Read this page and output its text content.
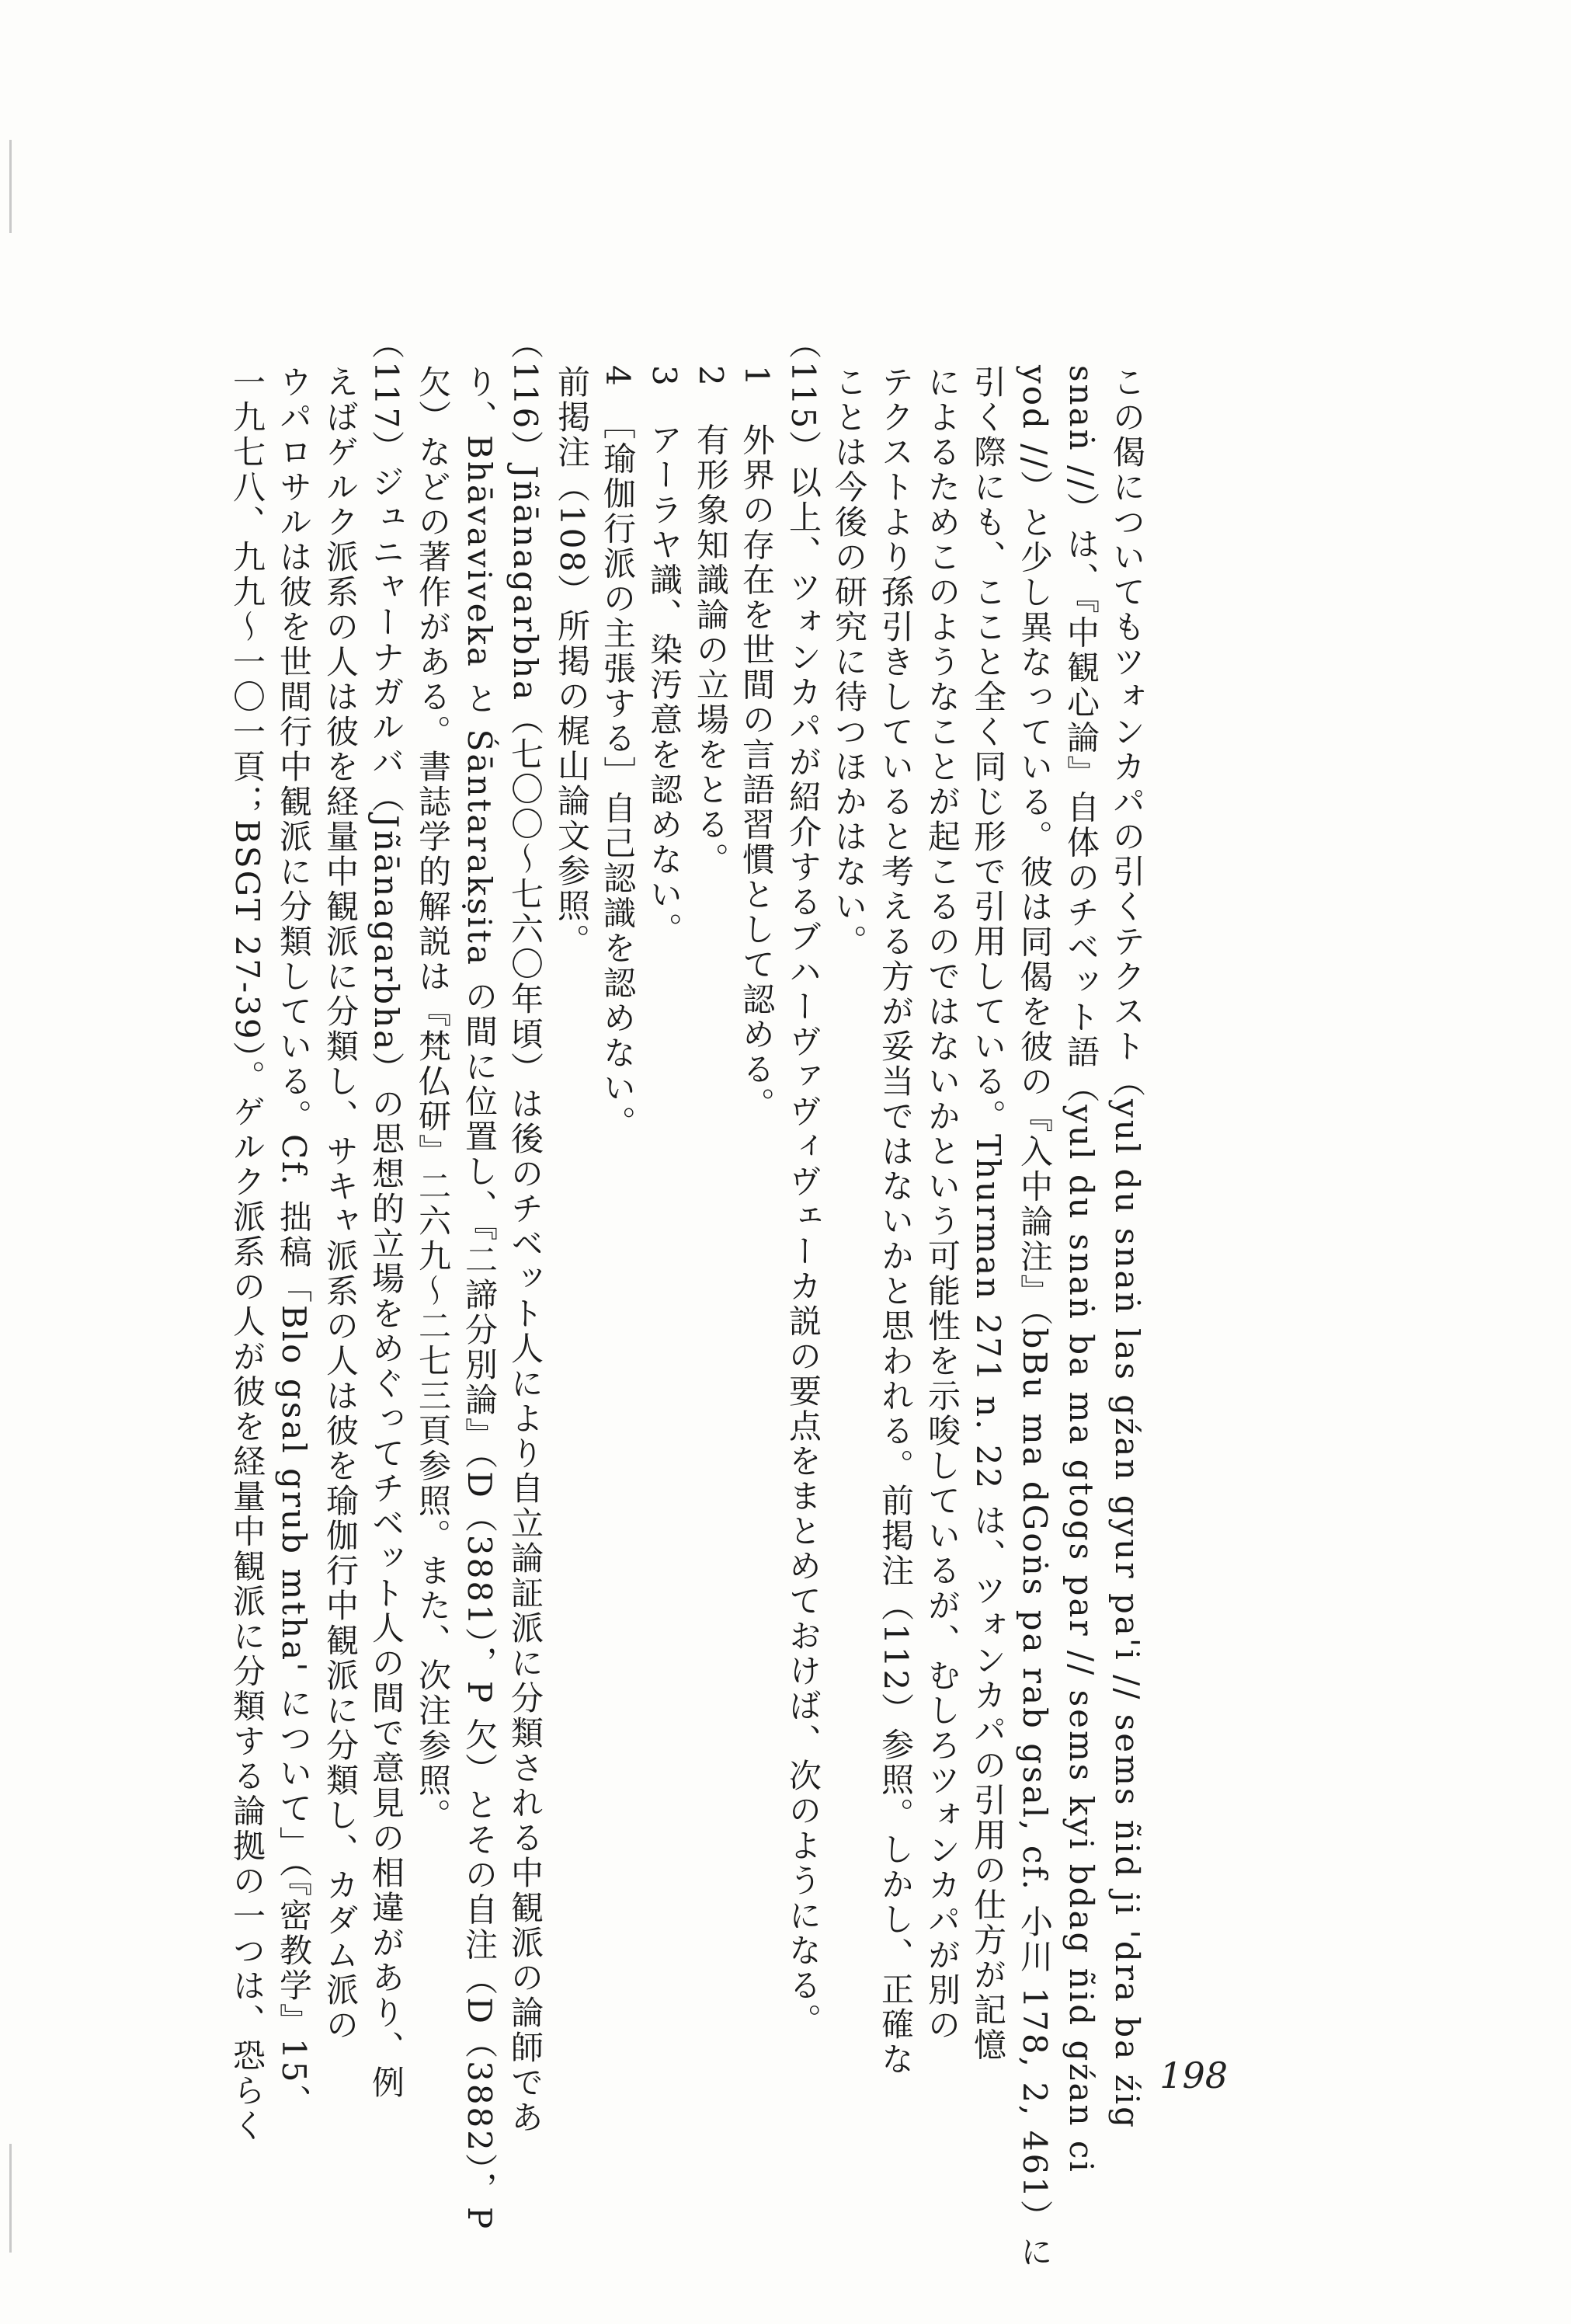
この偈についてもツォンカパの引くテクスト（yul du snaṅ las gźan gyur pa'i // sems ñid ji 'dra ba źig
snaṅ //）は、『中観心論』自体のチベット語（yul du snaṅ ba ma gtogs par // sems kyi bdag ñid gźan ci
yod //）と少し異なっている。彼は同偈を彼の『入中論注』（bBu ma dGoṅs pa rab gsal, cf. 小川 178, 2, 461）に
引く際にも、ここと全く同じ形で引用している。Thurman 271 n. 22 は、ツォンカパの引用の仕方が記憶
によるためこのようなことが起こるのではないかという可能性を示唆しているが、むしろツォンカパが別の
テクストより孫引きしていると考える方が妥当ではないかと思われる。前掲注（112）参照。しかし、正確な
ことは今後の研究に待つほかはない。
（115）以上、ツォンカパが紹介するブハーヴァヴィヴェーカ説の要点をまとめておけば、次のようになる。
1　外界の存在を世間の言語習慣として認める。
2　有形象知識論の立場をとる。
3　アーラヤ識、染汚意を認めない。
4　［瑜伽行派の主張する］自己認識を認めない。
前掲注（108）所掲の梶山論文参照。
（116）Jñānagarbha（七〇〇～七六〇年頃）は後のチベット人により自立論証派に分類される中観派の論師であ
り、Bhāvaviveka と Śāntarakṣita の間に位置し、『二諦分別論』（D（3881），P 欠）とその自注（D（3882），P
欠）などの著作がある。書誌学的解説は『梵仏研』二六九～二七三頁参照。また、次注参照。
（117）ジュニャーナガルバ（Jñānagarbha）の思想的立場をめぐってチベット人の間で意見の相違があり、例
えばゲルク派系の人は彼を経量中観派に分類し、サキャ派系の人は彼を瑜伽行中観派に分類し、カダム派の
ウパロサルは彼を世間行中観派に分類している。Cf. 拙稿「Blo gsal grub mtha' について」（『密教学』15、
一九七八、九九～一〇一頁；BSGT 27-39）。ゲルク派系の人が彼を経量中観派に分類する論拠の一つは、恐らく	198
